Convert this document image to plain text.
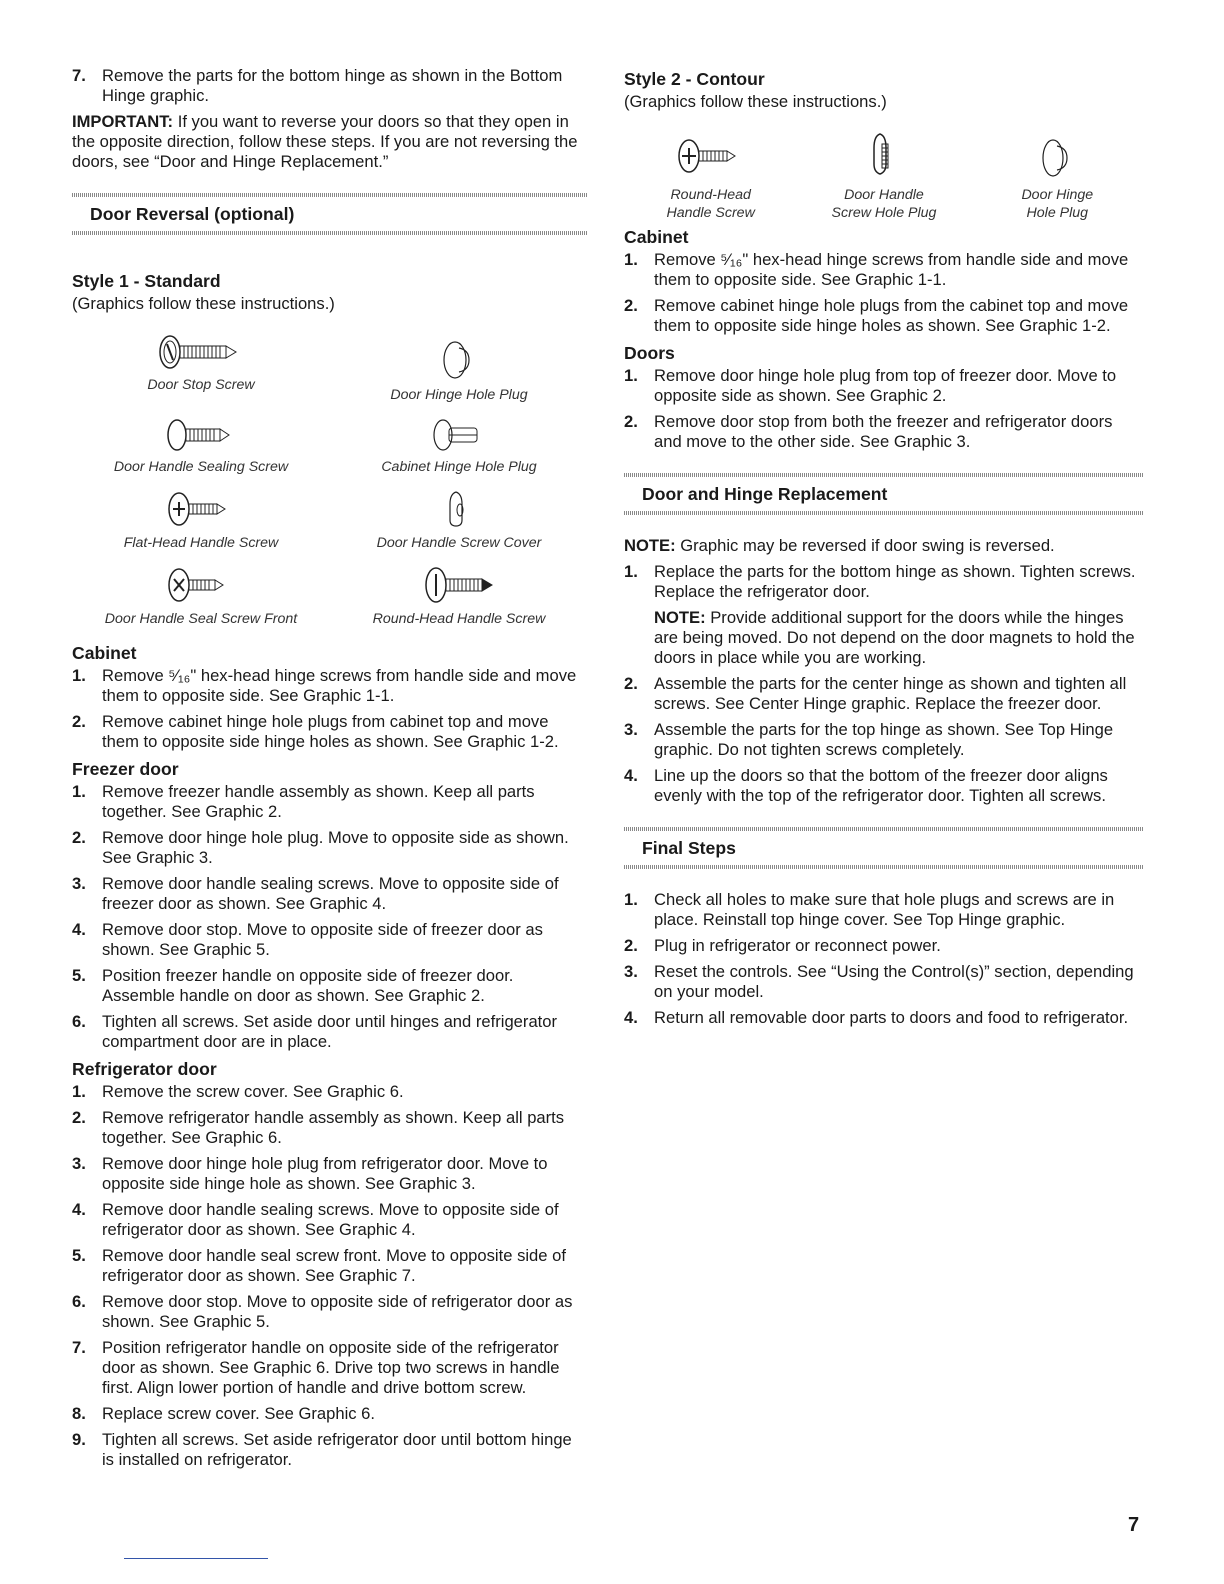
7. Remove the parts for the bottom hinge as shown in the Bottom Hinge graphic.

IMPORTANT: If you want to reverse your doors so that they open in the opposite direction, follow these steps. If you are not reversing the doors, see “Door and Hinge Replacement.”

Door Reversal (optional)
Style 1 - Standard

(Graphics follow these instructions.)

Door Stop Screw
Door Hinge Hole Plug
Door Handle Sealing Screw	Cabinet Hinge Hole Plug
Flat-Head Handle Screw	Door Handle Screw Cover
Door Handle Seal Screw Front	Round-Head Handle Screw
Cabinet
1. Remove ⁵⁄₁₆" hex-head hinge screws from handle side and move them to opposite side. See Graphic 1-1.
2. Remove cabinet hinge hole plugs from cabinet top and move them to opposite side hinge holes as shown. See Graphic 1-2.
Freezer door
1. Remove freezer handle assembly as shown. Keep all parts together. See Graphic 2.
2. Remove door hinge hole plug. Move to opposite side as shown. See Graphic 3.
3. Remove door handle sealing screws. Move to opposite side of freezer door as shown. See Graphic 4.
4. Remove door stop. Move to opposite side of freezer door as shown. See Graphic 5.
5. Position freezer handle on opposite side of freezer door. Assemble handle on door as shown. See Graphic 2.
6. Tighten all screws. Set aside door until hinges and refrigerator compartment door are in place.
Refrigerator door
1. Remove the screw cover. See Graphic 6.
2. Remove refrigerator handle assembly as shown. Keep all parts together. See Graphic 6.
3. Remove door hinge hole plug from refrigerator door. Move to opposite side hinge hole as shown. See Graphic 3.
4. Remove door handle sealing screws. Move to opposite side of refrigerator door as shown. See Graphic 4.
5. Remove door handle seal screw front. Move to opposite side of refrigerator door as shown. See Graphic 7.
6. Remove door stop. Move to opposite side of refrigerator door as shown. See Graphic 5.
7. Position refrigerator handle on opposite side of the refrigerator door as shown. See Graphic 6. Drive top two screws in handle first. Align lower portion of handle and drive bottom screw.
8. Replace screw cover. See Graphic 6.
9. Tighten all screws. Set aside refrigerator door until bottom hinge is installed on refrigerator.
Style 2 - Contour

(Graphics follow these instructions.)

Round-Head
Handle Screw
Door Handle
Screw Hole Plug
Door Hinge
Hole Plug
Cabinet
1. Remove ⁵⁄₁₆" hex-head hinge screws from handle side and move them to opposite side. See Graphic 1-1.
2. Remove cabinet hinge hole plugs from the cabinet top and move them to opposite side hinge holes as shown. See Graphic 1-2.
Doors
1. Remove door hinge hole plug from top of freezer door. Move to opposite side as shown. See Graphic 2.
2. Remove door stop from both the freezer and refrigerator doors and move to the other side. See Graphic 3.
Door and Hinge Replacement

NOTE: Graphic may be reversed if door swing is reversed.

1. Replace the parts for the bottom hinge as shown. Tighten screws. Replace the refrigerator door.
NOTE: Provide additional support for the doors while the hinges are being moved. Do not depend on the door magnets to hold the doors in place while you are working.
2. Assemble the parts for the center hinge as shown and tighten all screws. See Center Hinge graphic. Replace the freezer door.
3. Assemble the parts for the top hinge as shown. See Top Hinge graphic. Do not tighten screws completely.
4. Line up the doors so that the bottom of the freezer door aligns evenly with the top of the refrigerator door. Tighten all screws.
Final Steps
1. Check all holes to make sure that hole plugs and screws are in place. Reinstall top hinge cover. See Top Hinge graphic.
2. Plug in refrigerator or reconnect power.
3. Reset the controls. See “Using the Control(s)” section, depending on your model.
4. Return all removable door parts to doors and food to refrigerator.
7
